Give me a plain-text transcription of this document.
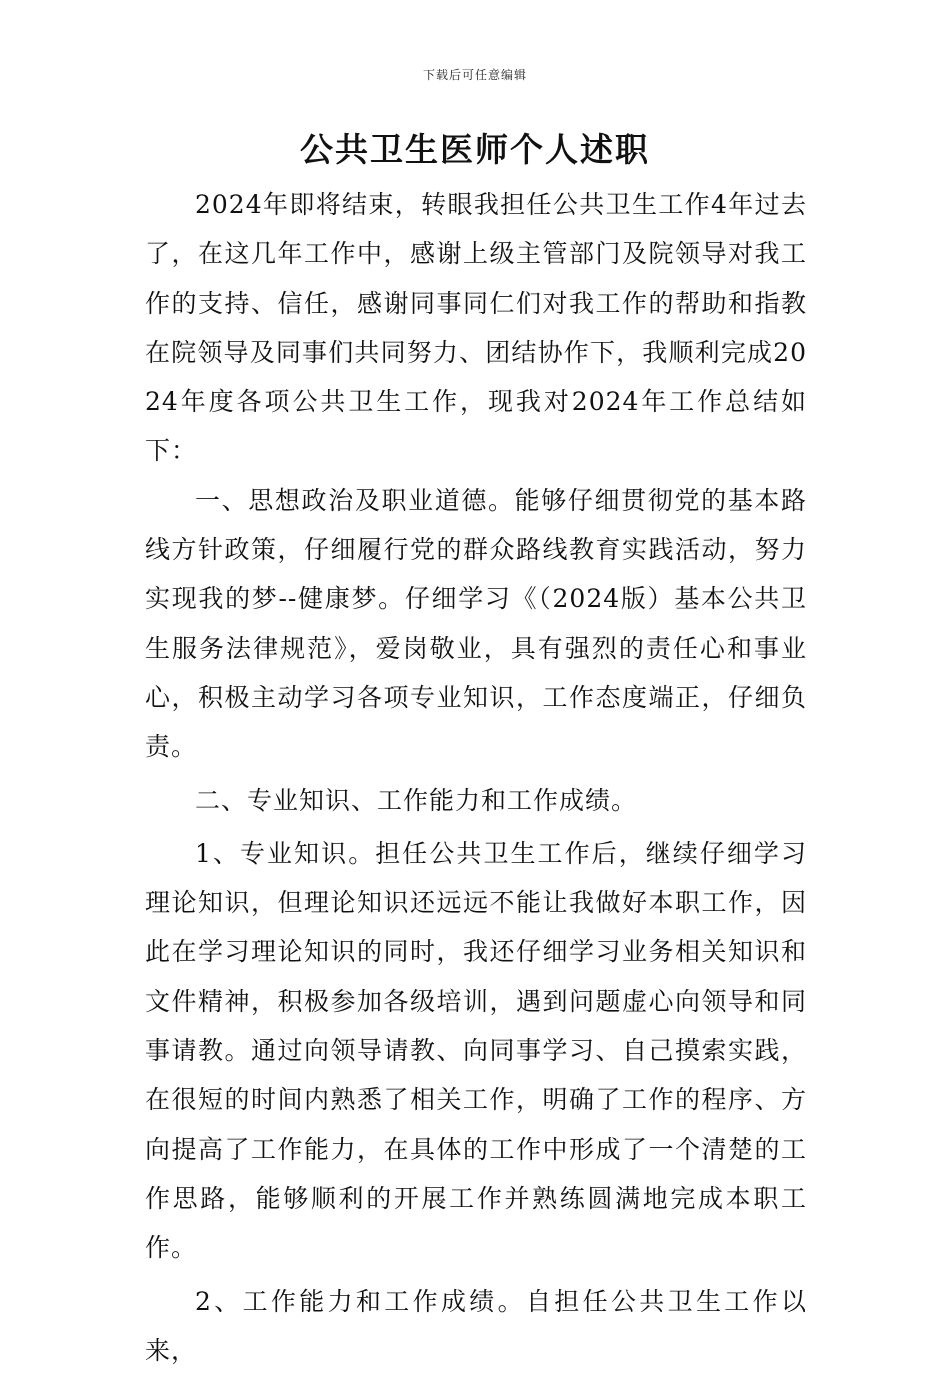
下载后可任意编辑
公共卫生医师个人述职

2024年即将结束，转眼我担任公共卫生工作4年过去了，在这几年工作中，感谢上级主管部门及院领导对我工作的支持、信任，感谢同事同仁们对我工作的帮助和指教在院领导及同事们共同努力、团结协作下，我顺利完成2024年度各项公共卫生工作，现我对2024年工作总结如下：

一、思想政治及职业道德。能够仔细贯彻党的基本路线方针政策，仔细履行党的群众路线教育实践活动，努力实现我的梦--健康梦。仔细学习《（2024版）基本公共卫生服务法律规范》，爱岗敬业，具有强烈的责任心和事业心，积极主动学习各项专业知识，工作态度端正，仔细负责。

二、专业知识、工作能力和工作成绩。

1、专业知识。担任公共卫生工作后，继续仔细学习理论知识，但理论知识还远远不能让我做好本职工作，因此在学习理论知识的同时，我还仔细学习业务相关知识和文件精神，积极参加各级培训，遇到问题虚心向领导和同事请教。通过向领导请教、向同事学习、自己摸索实践，在很短的时间内熟悉了相关工作，明确了工作的程序、方向提高了工作能力，在具体的工作中形成了一个清楚的工作思路，能够顺利的开展工作并熟练圆满地完成本职工作。

2、工作能力和工作成绩。自担任公共卫生工作以来，
